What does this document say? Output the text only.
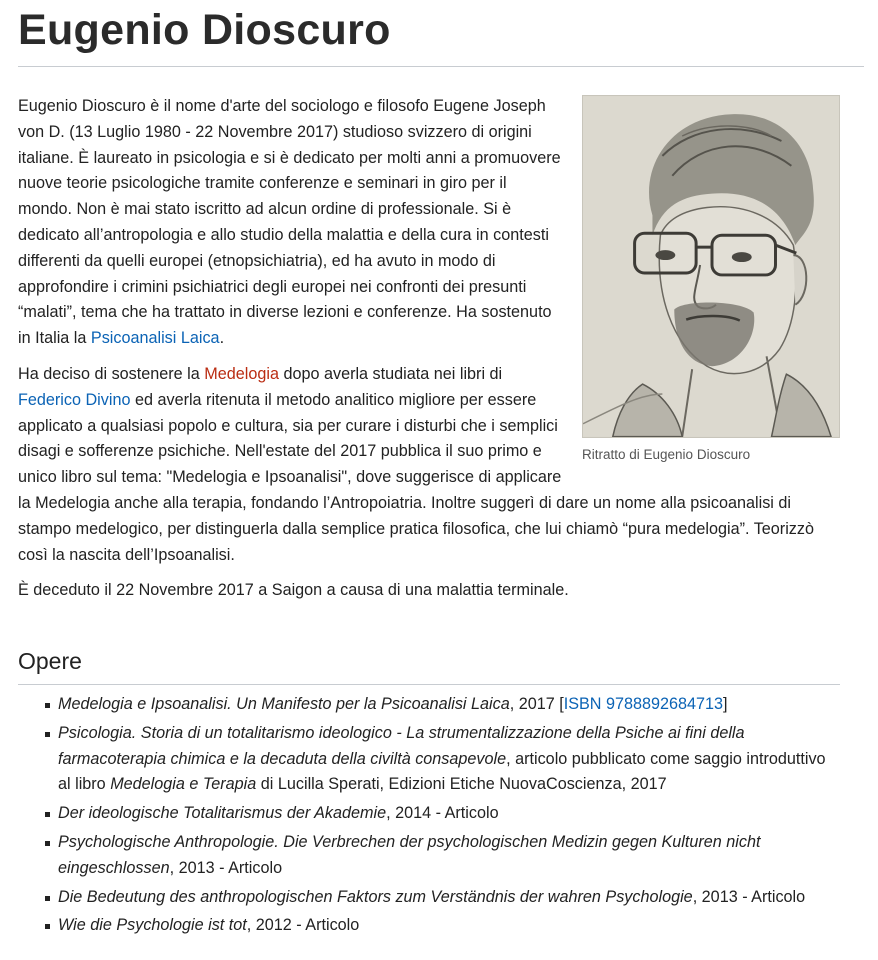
Eugenio Dioscuro
Ritratto di Eugenio Dioscuro

Eugenio Dioscuro è il nome d'arte del sociologo e filosofo Eugene Joseph von D. (13 Luglio 1980 - 22 Novembre 2017) studioso svizzero di origini italiane. È laureato in psicologia e si è dedicato per molti anni a promuovere nuove teorie psicologiche tramite conferenze e seminari in giro per il mondo. Non è mai stato iscritto ad alcun ordine di professionale. Si è dedicato all’antropologia e allo studio della malattia e della cura in contesti differenti da quelli europei (etnopsichiatria), ed ha avuto in modo di approfondire i crimini psichiatrici degli europei nei confronti dei presunti “malati”, tema che ha trattato in diverse lezioni e conferenze. Ha sostenuto in Italia la Psicoanalisi Laica.

Ha deciso di sostenere la Medelogia dopo averla studiata nei libri di Federico Divino ed averla ritenuta il metodo analitico migliore per essere applicato a qualsiasi popolo e cultura, sia per curare i disturbi che i semplici disagi e sofferenze psichiche. Nell'estate del 2017 pubblica il suo primo e unico libro sul tema: "Medelogia e Ipsoanalisi", dove suggerisce di applicare la Medelogia anche alla terapia, fondando l’Antropoiatria. Inoltre suggerì di dare un nome alla psicoanalisi di stampo medelogico, per distinguerla dalla semplice pratica filosofica, che lui chiamò “pura medelogia”. Teorizzò così la nascita dell’Ipsoanalisi.

È deceduto il 22 Novembre 2017 a Saigon a causa di una malattia terminale.

Opere
Medelogia e Ipsoanalisi. Un Manifesto per la Psicoanalisi Laica, 2017 [ISBN 9788892684713]
Psicologia. Storia di un totalitarismo ideologico - La strumentalizzazione della Psiche ai fini della farmacoterapia chimica e la decaduta della civiltà consapevole, articolo pubblicato come saggio introduttivo al libro Medelogia e Terapia di Lucilla Sperati, Edizioni Etiche NuovaCoscienza, 2017
Der ideologische Totalitarismus der Akademie, 2014 - Articolo
Psychologische Anthropologie. Die Verbrechen der psychologischen Medizin gegen Kulturen nicht eingeschlossen, 2013 - Articolo
Die Bedeutung des anthropologischen Faktors zum Verständnis der wahren Psychologie, 2013 - Articolo
Wie die Psychologie ist tot, 2012 - Articolo
